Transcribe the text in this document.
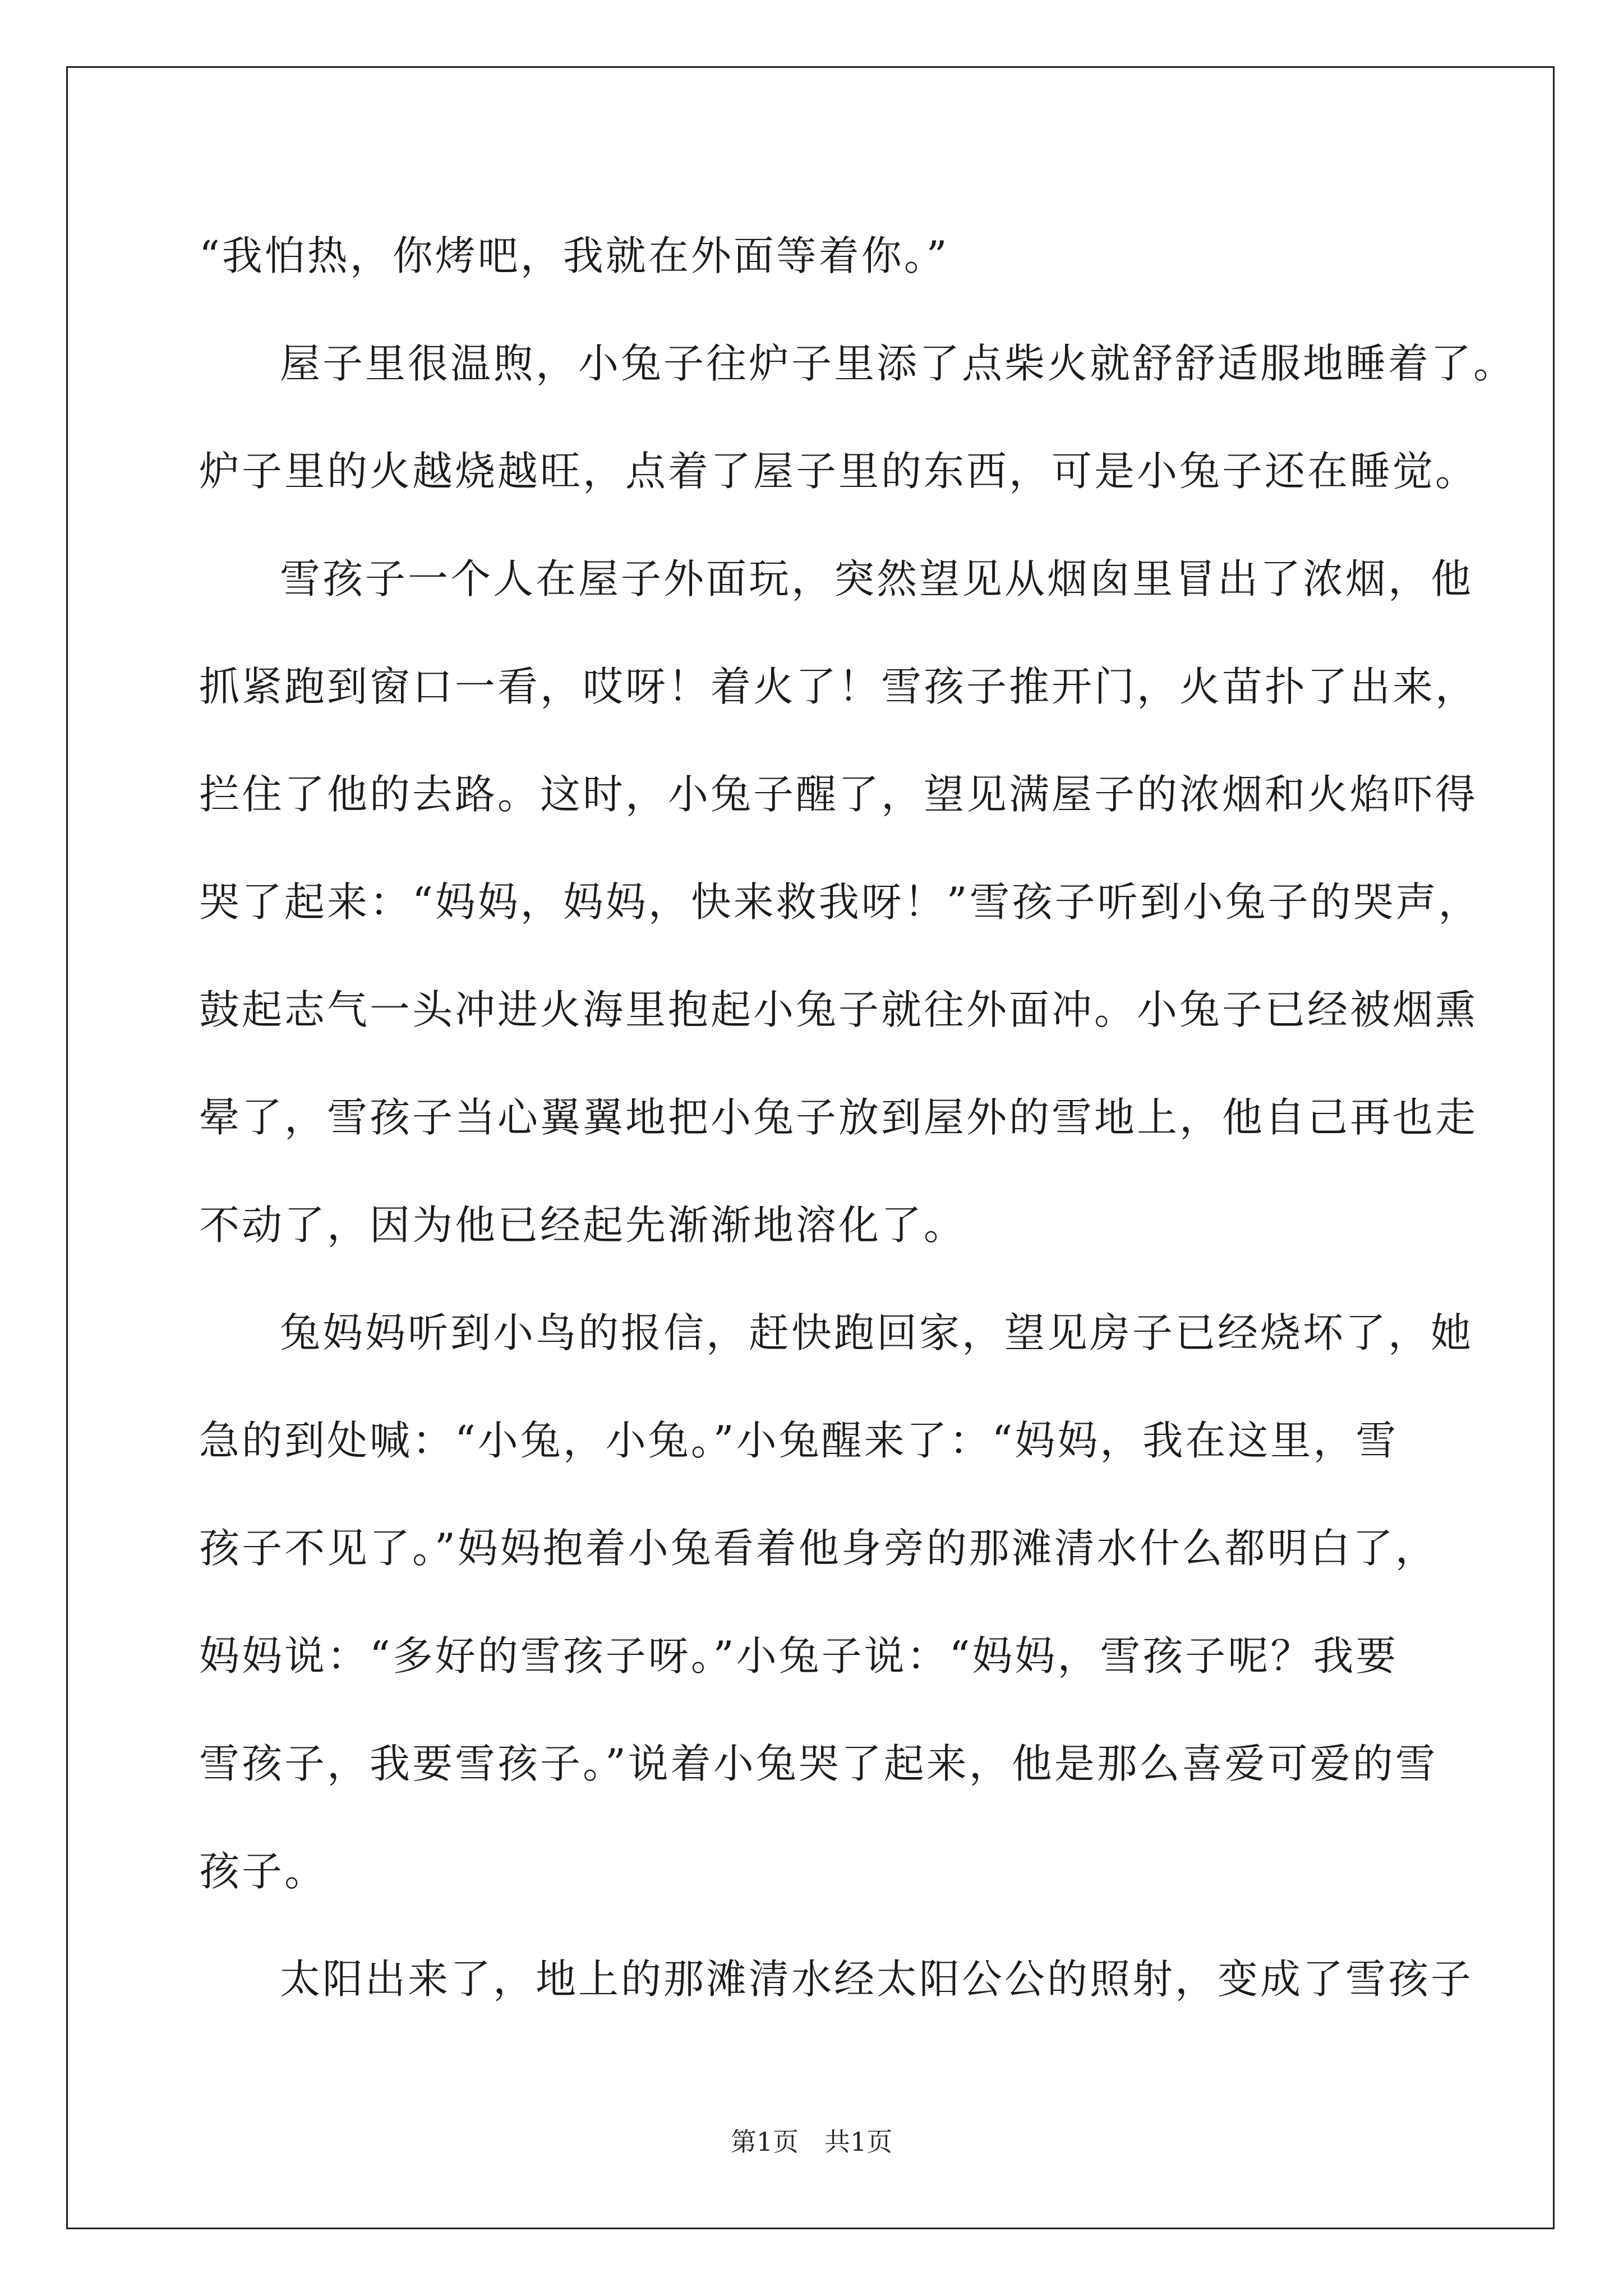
“我怕热，你烤吧，我就在外面等着你。”
屋子里很温煦，小兔子往炉子里添了点柴火就舒舒适服地睡着了。
炉子里的火越烧越旺，点着了屋子里的东西，可是小兔子还在睡觉。
雪孩子一个人在屋子外面玩，突然望见从烟囱里冒出了浓烟，他
抓紧跑到窗口一看，哎呀！着火了！雪孩子推开门，火苗扑了出来，
拦住了他的去路。这时，小兔子醒了，望见满屋子的浓烟和火焰吓得
哭了起来：“妈妈，妈妈，快来救我呀！”雪孩子听到小兔子的哭声，
鼓起志气一头冲进火海里抱起小兔子就往外面冲。小兔子已经被烟熏
晕了，雪孩子当心翼翼地把小兔子放到屋外的雪地上，他自己再也走
不动了，因为他已经起先渐渐地溶化了。
兔妈妈听到小鸟的报信，赶快跑回家，望见房子已经烧坏了，她
急的到处喊：“小兔，小兔。”小兔醒来了：“妈妈，我在这里，雪
孩子不见了。”妈妈抱着小兔看着他身旁的那滩清水什么都明白了，
妈妈说：“多好的雪孩子呀。”小兔子说：“妈妈，雪孩子呢？我要
雪孩子，我要雪孩子。”说着小兔哭了起来，他是那么喜爱可爱的雪
孩子。
太阳出来了，地上的那滩清水经太阳公公的照射，变成了雪孩子
第1页　共1页
